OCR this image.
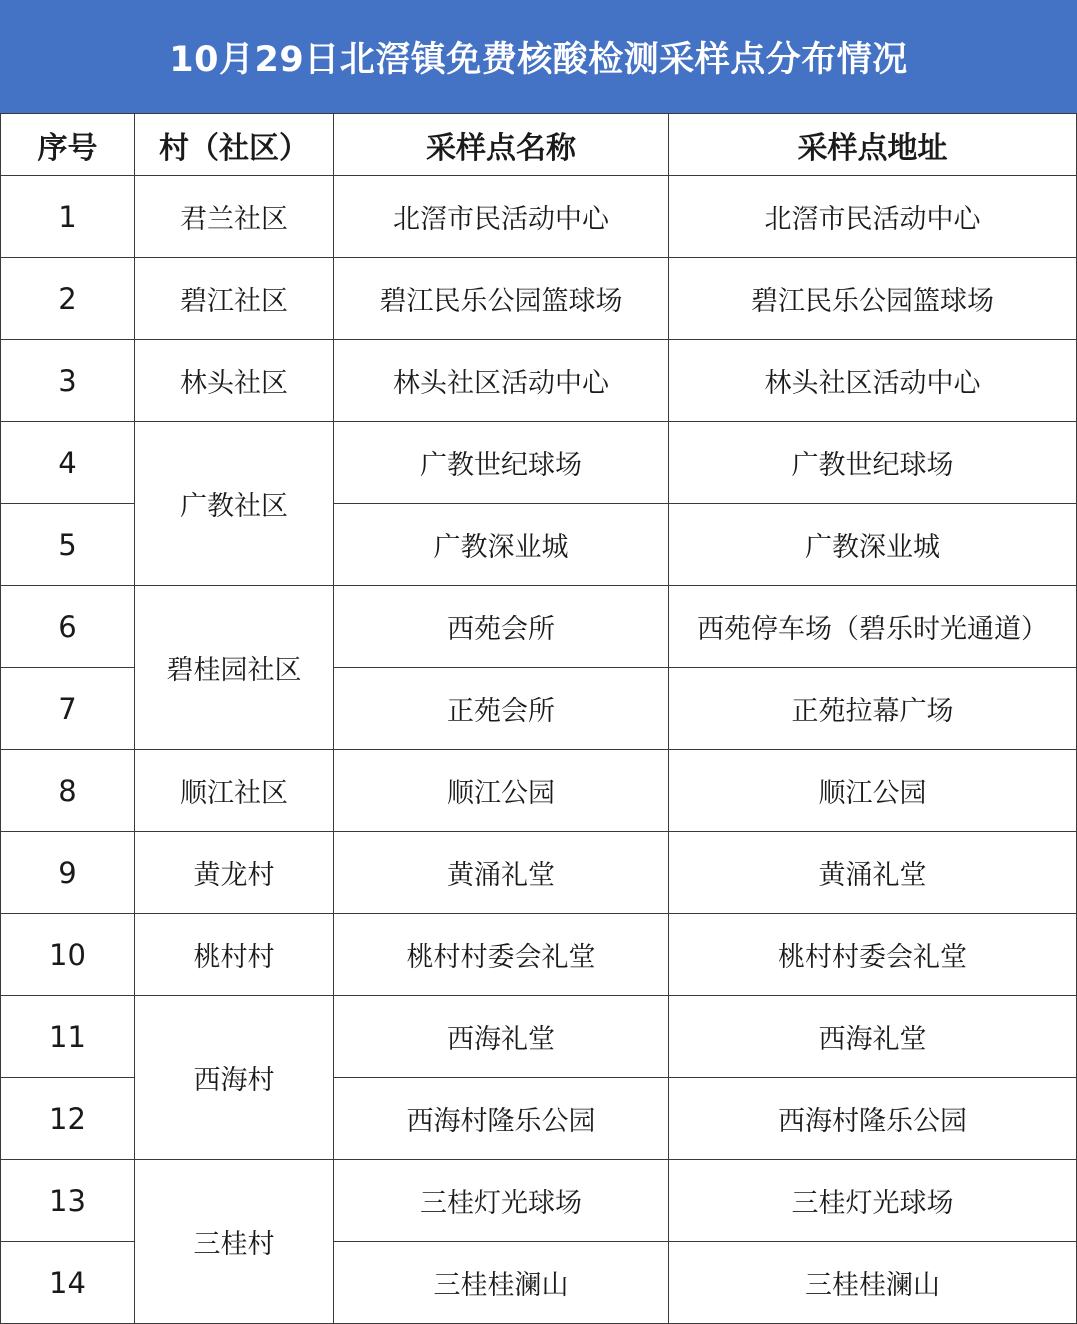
10月29日北滘镇免费核酸检测采样点分布情况
序号	村（社区）	采样点名称	采样点地址
1	君兰社区	北滘市民活动中心	北滘市民活动中心
2	碧江社区	碧江民乐公园篮球场	碧江民乐公园篮球场
3	林头社区	林头社区活动中心	林头社区活动中心
4	广教社区	广教世纪球场	广教世纪球场
5		广教深业城	广教深业城
6	碧桂园社区	西苑会所	西苑停车场（碧乐时光通道）
7		正苑会所	正苑拉幕广场
8	顺江社区	顺江公园	顺江公园
9	黄龙村	黄涌礼堂	黄涌礼堂
10	桃村村	桃村村委会礼堂	桃村村委会礼堂
11	西海村	西海礼堂	西海礼堂
12		西海村隆乐公园	西海村隆乐公园
13	三桂村	三桂灯光球场	三桂灯光球场
14		三桂桂澜山	三桂桂澜山
